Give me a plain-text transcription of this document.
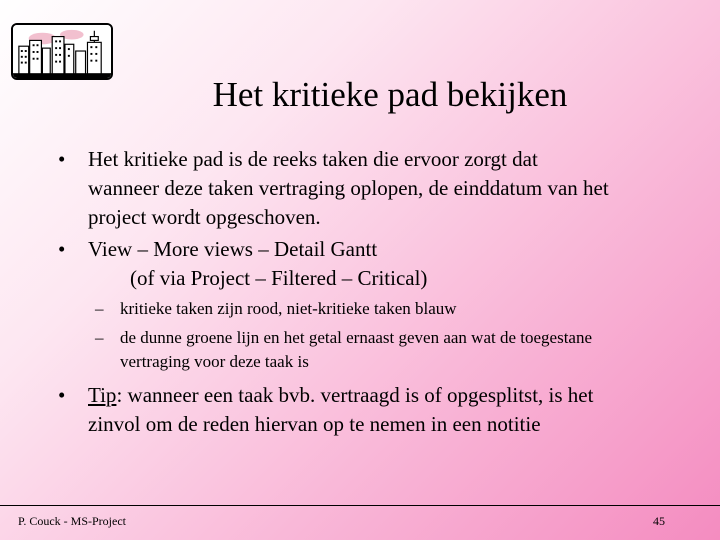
Het kritieke pad bekijken
• Het kritieke pad is de reeks taken die ervoor zorgt dat
wanneer deze taken vertraging oplopen, de einddatum van het
project wordt opgeschoven.
• View – More views – Detail Gantt
(of via Project – Filtered – Critical)
– kritieke taken zijn rood, niet-kritieke taken blauw
– de dunne groene lijn en het getal ernaast geven aan wat de toegestane
vertraging voor deze taak is
• Tip: wanneer een taak bvb. vertraagd is of opgesplitst, is het
zinvol om de reden hiervan op te nemen in een notitie
P. Couck - MS-Project	45
